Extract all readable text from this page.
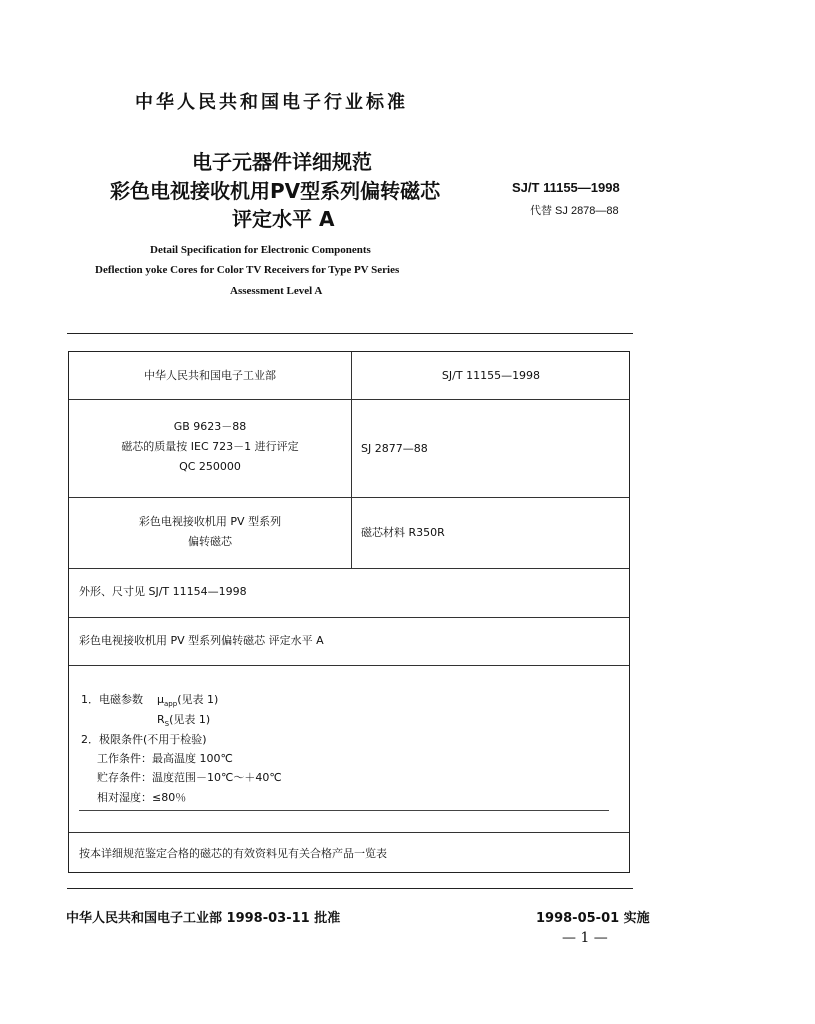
中华人民共和国电子行业标准
电子元器件详细规范
彩色电视接收机用PV型系列偏转磁芯
评定水平 A
SJ/T 11155—1998
代替 SJ 2878—88
Detail Specification for Electronic Components
Deflection yoke Cores for Color TV Receivers for Type PV Series
Assessment Level A
中华人民共和国电子工业部	SJ/T 11155—1998
GB 9623－88
磁芯的质量按 IEC 723－1 进行评定
QC 250000
SJ 2877—88
彩色电视接收机用 PV 型系列
偏转磁芯
磁芯材料 R350R
外形、尺寸见 SJ/T 11154—1998
彩色电视接收机用 PV 型系列偏转磁芯 评定水平 A
1．电磁参数 $\mu_{app}$(见表 1)
$R_S$(见表 1)
2．极限条件(不用于检验)
工作条件：最高温度 100℃
贮存条件：温度范围－10℃～＋40℃
相对湿度：≤80％
按本详细规范鉴定合格的磁芯的有效资料见有关合格产品一览表
中华人民共和国电子工业部 1998-03-11 批准	1998-05-01 实施
— 1 —
